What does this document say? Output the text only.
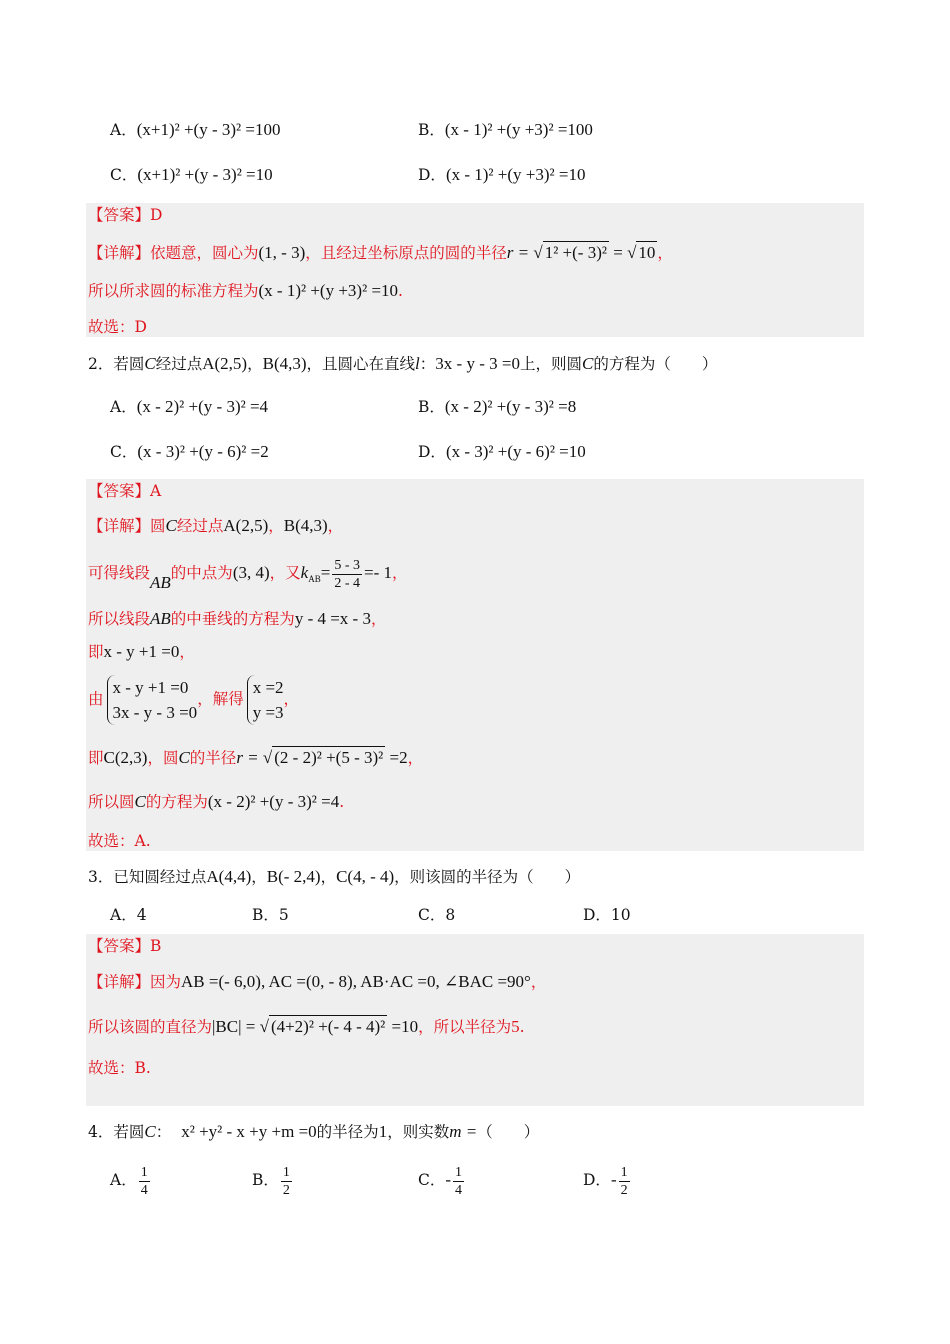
A．(x+1)² +(y - 3)² =100	B．(x - 1)² +(y +3)² =100
C．(x+1)² +(y - 3)² =10	D．(x - 1)² +(y +3)² =10
【答案】D
【详解】依题意，圆心为(1, - 3)，且经过坐标原点的圆的半径r = √ 1² +(- 3)² = √ 10 ，
所以所求圆的标准方程为(x - 1)² +(y +3)² =10.
故选：D
2．若圆C经过点A(2,5)，B(4,3)，且圆心在直线l：3x - y - 3 =0上，则圆C的方程为（　　）
A．(x - 2)² +(y - 3)² =4	B．(x - 2)² +(y - 3)² =8
C．(x - 3)² +(y - 6)² =2	D．(x - 3)² +(y - 6)² =10
【答案】A
【详解】圆C经过点A(2,5)，B(4,3)，
可得线段AB的中点为(3, 4)，又$k_{AB}= \frac{5 - 3}{2 - 4} =- 1$，
所以线段AB的中垂线的方程为y - 4 =x - 3，
即x - y +1 =0，
由x - y +1 =0
3x - y - 3 =0，解得x =2
y =3，
即C(2,3)，圆C的半径r = √ (2 - 2)² +(5 - 3)² =2，
所以圆C的方程为(x - 2)² +(y - 3)² =4.
故选：A.
3．已知圆经过点A(4,4)，B(- 2,4)，C(4, - 4)，则该圆的半径为（　　）
A．4	B．5	C．8	D．10
【答案】B
【详解】因为AB =(- 6,0), AC =(0, - 8), AB·AC =0, ∠BAC =90°，
所以该圆的直径为|BC| = √ (4+2)² +(- 4 - 4)² =10，所以半径为5.
故选：B.
4．若圆C： x² +y² - x +y +m =0的半径为1，则实数m =（　　）
A． $\frac{1}{4}$	B． $\frac{1}{2}$	C．- $\frac{1}{4}$	D．- $\frac{1}{2}$
